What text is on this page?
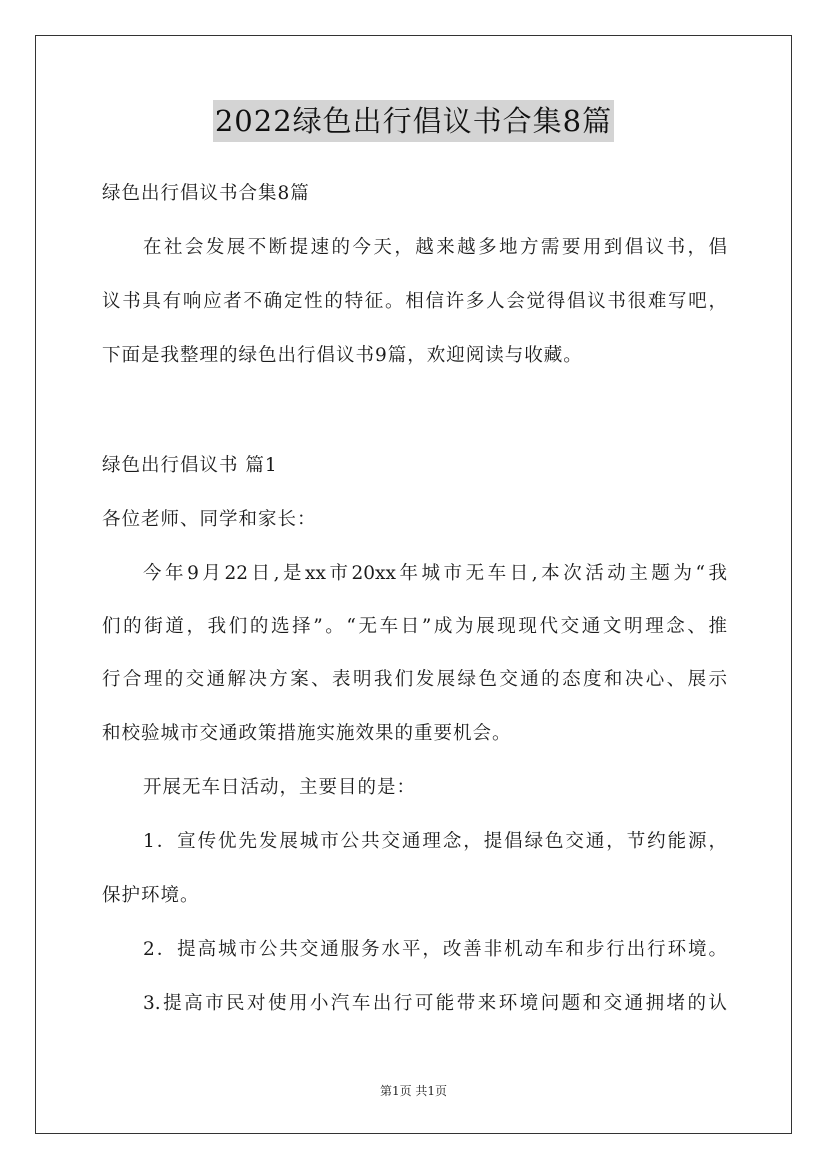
2022绿色出行倡议书合集8篇
绿色出行倡议书合集8篇
在社会发展不断提速的今天，越来越多地方需要用到倡议书，倡
议书具有响应者不确定性的特征。相信许多人会觉得倡议书很难写吧，
下面是我整理的绿色出行倡议书9篇，欢迎阅读与收藏。
绿色出行倡议书 篇1
各位老师、同学和家长：
今年9月22日,是xx市20xx年城市无车日,本次活动主题为“我
们的街道，我们的选择”。“无车日”成为展现现代交通文明理念、推
行合理的交通解决方案、表明我们发展绿色交通的态度和决心、展示
和校验城市交通政策措施实施效果的重要机会。
开展无车日活动，主要目的是：
1．宣传优先发展城市公共交通理念，提倡绿色交通，节约能源，
保护环境。
2．提高城市公共交通服务水平，改善非机动车和步行出行环境。
3.提高市民对使用小汽车出行可能带来环境问题和交通拥堵的认
第1页 共1页
